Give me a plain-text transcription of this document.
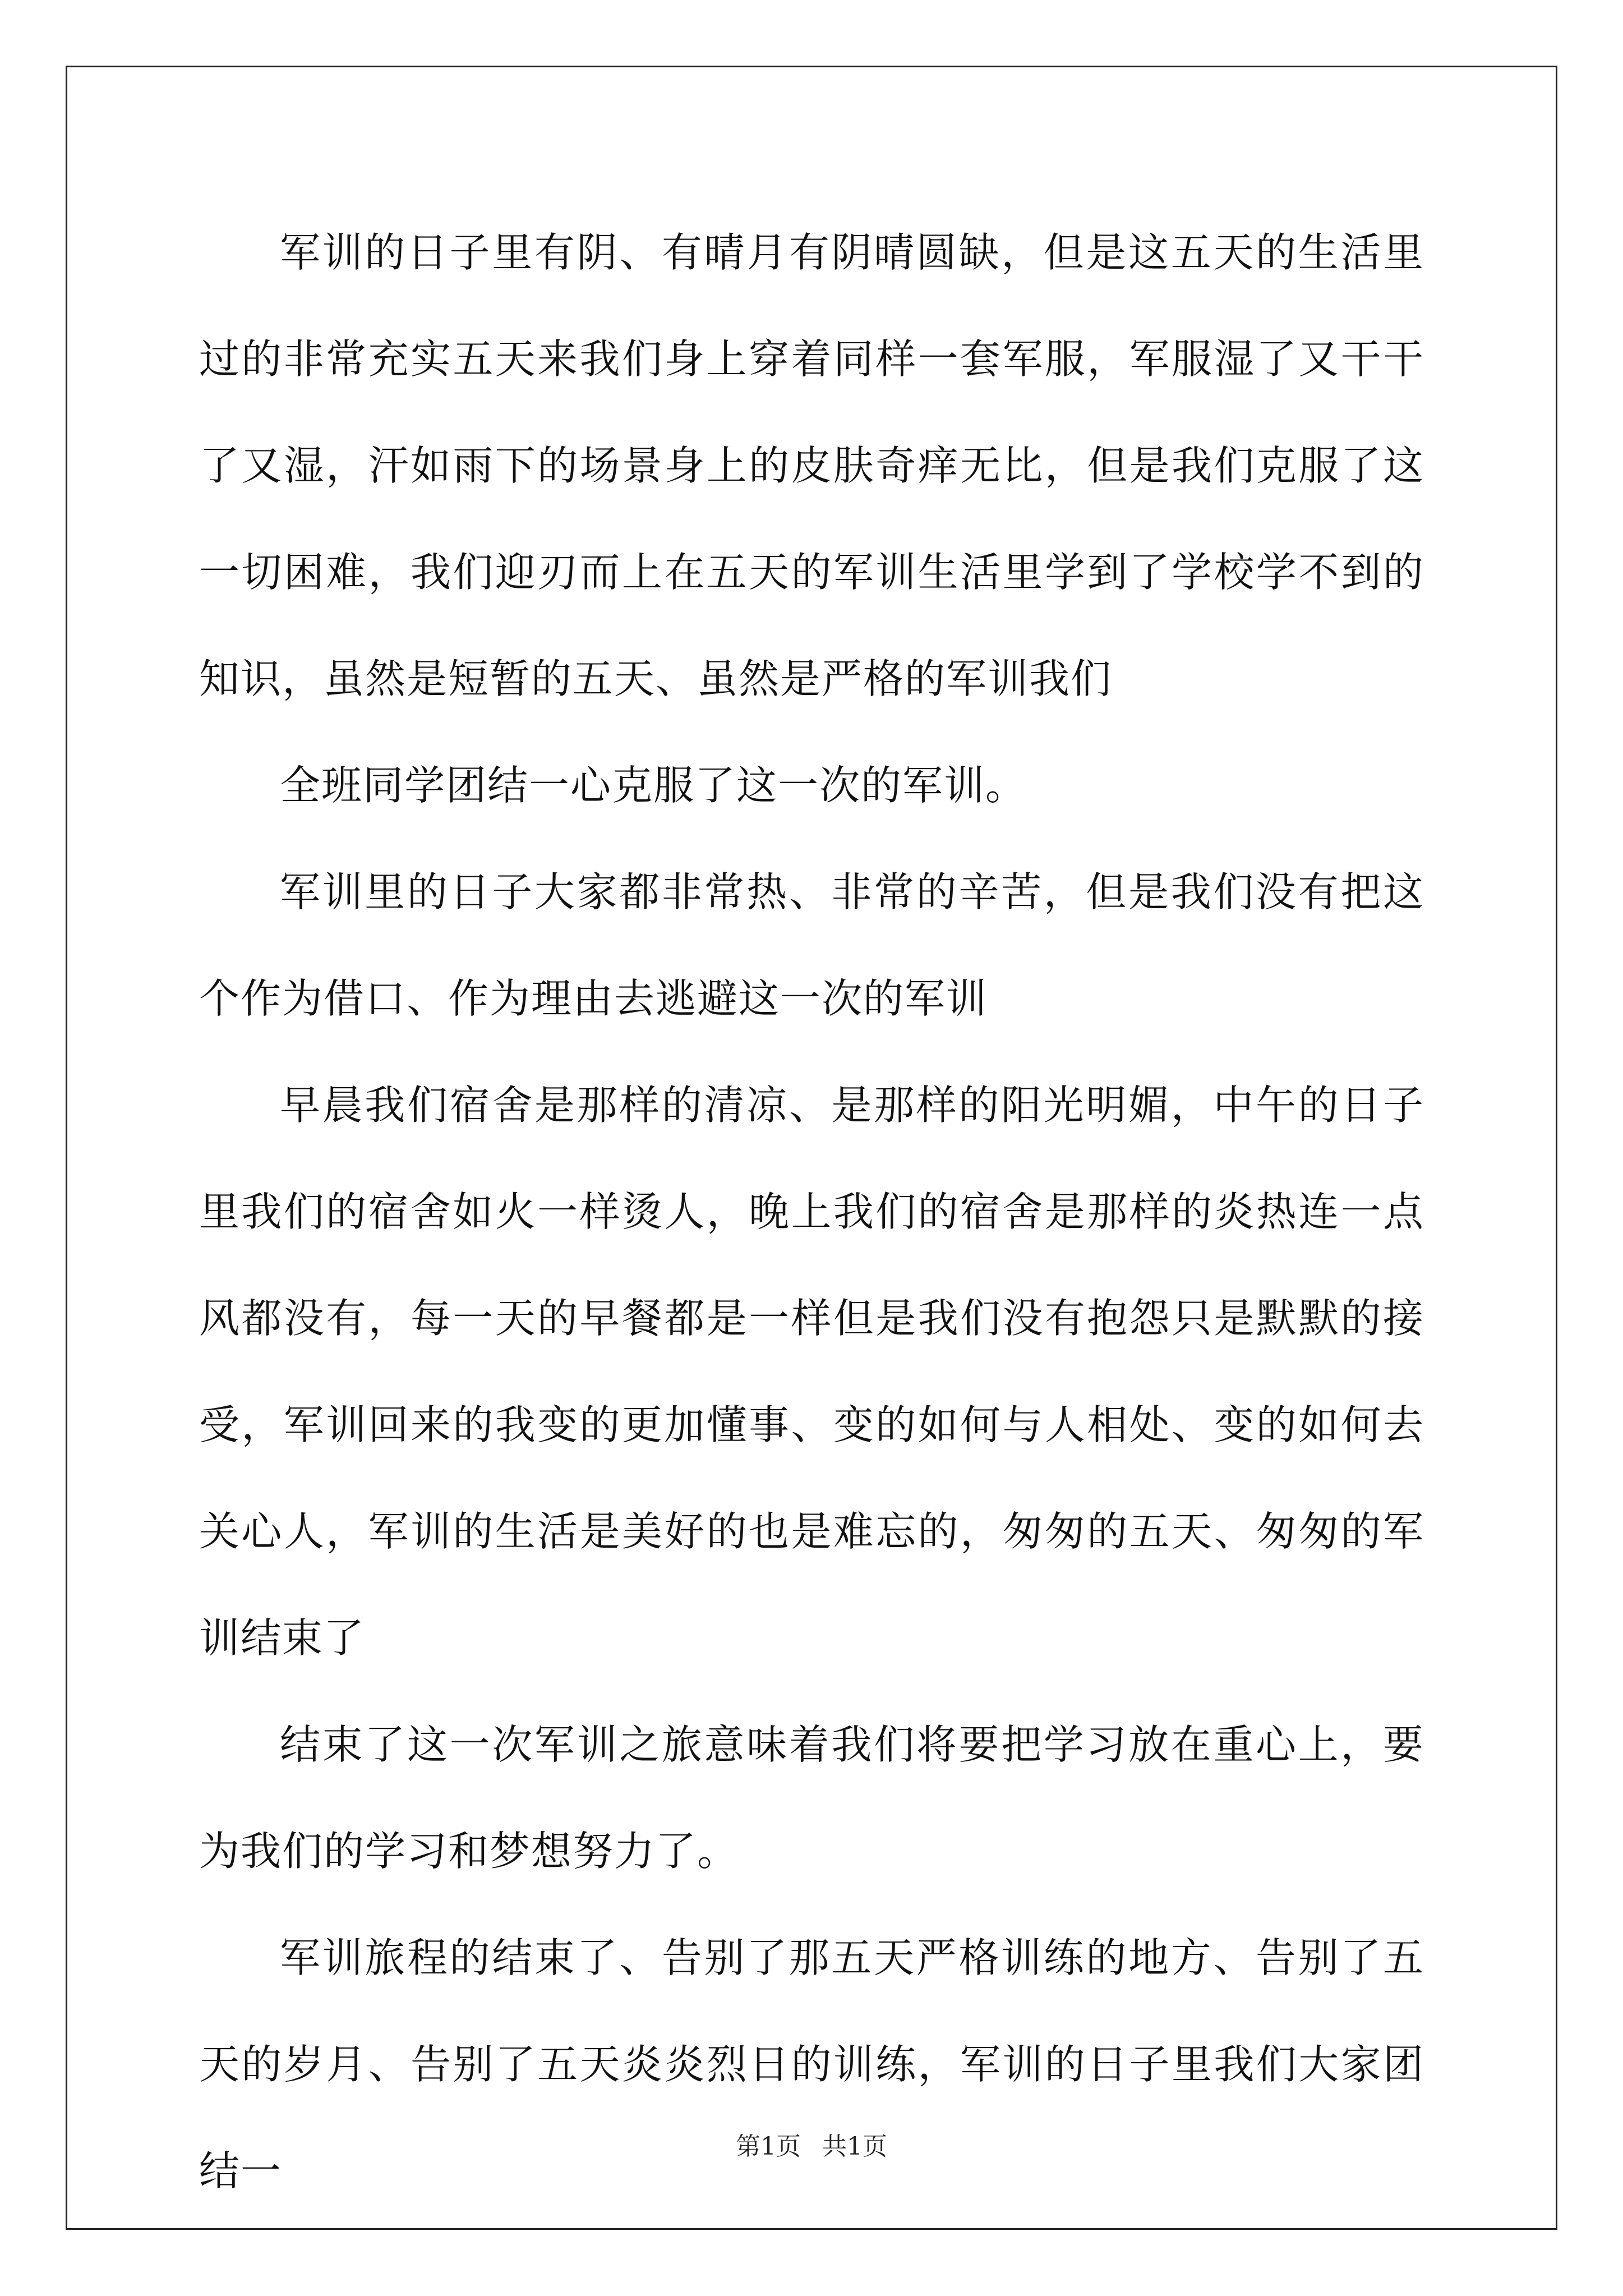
军训的日子里有阴、有晴月有阴晴圆缺，但是这五天的生活里过的非常充实五天来我们身上穿着同样一套军服，军服湿了又干干了又湿，汗如雨下的场景身上的皮肤奇痒无比，但是我们克服了这一切困难，我们迎刃而上在五天的军训生活里学到了学校学不到的知识，虽然是短暂的五天、虽然是严格的军训我们

全班同学团结一心克服了这一次的军训。

军训里的日子大家都非常热、非常的辛苦，但是我们没有把这个作为借口、作为理由去逃避这一次的军训

早晨我们宿舍是那样的清凉、是那样的阳光明媚，中午的日子里我们的宿舍如火一样烫人，晚上我们的宿舍是那样的炎热连一点风都没有，每一天的早餐都是一样但是我们没有抱怨只是默默的接受，军训回来的我变的更加懂事、变的如何与人相处、变的如何去关心人，军训的生活是美好的也是难忘的，匆匆的五天、匆匆的军训结束了

结束了这一次军训之旅意味着我们将要把学习放在重心上，要为我们的学习和梦想努力了。

军训旅程的结束了、告别了那五天严格训练的地方、告别了五天的岁月、告别了五天炎炎烈日的训练，军训的日子里我们大家团结一

第1页 共1页
